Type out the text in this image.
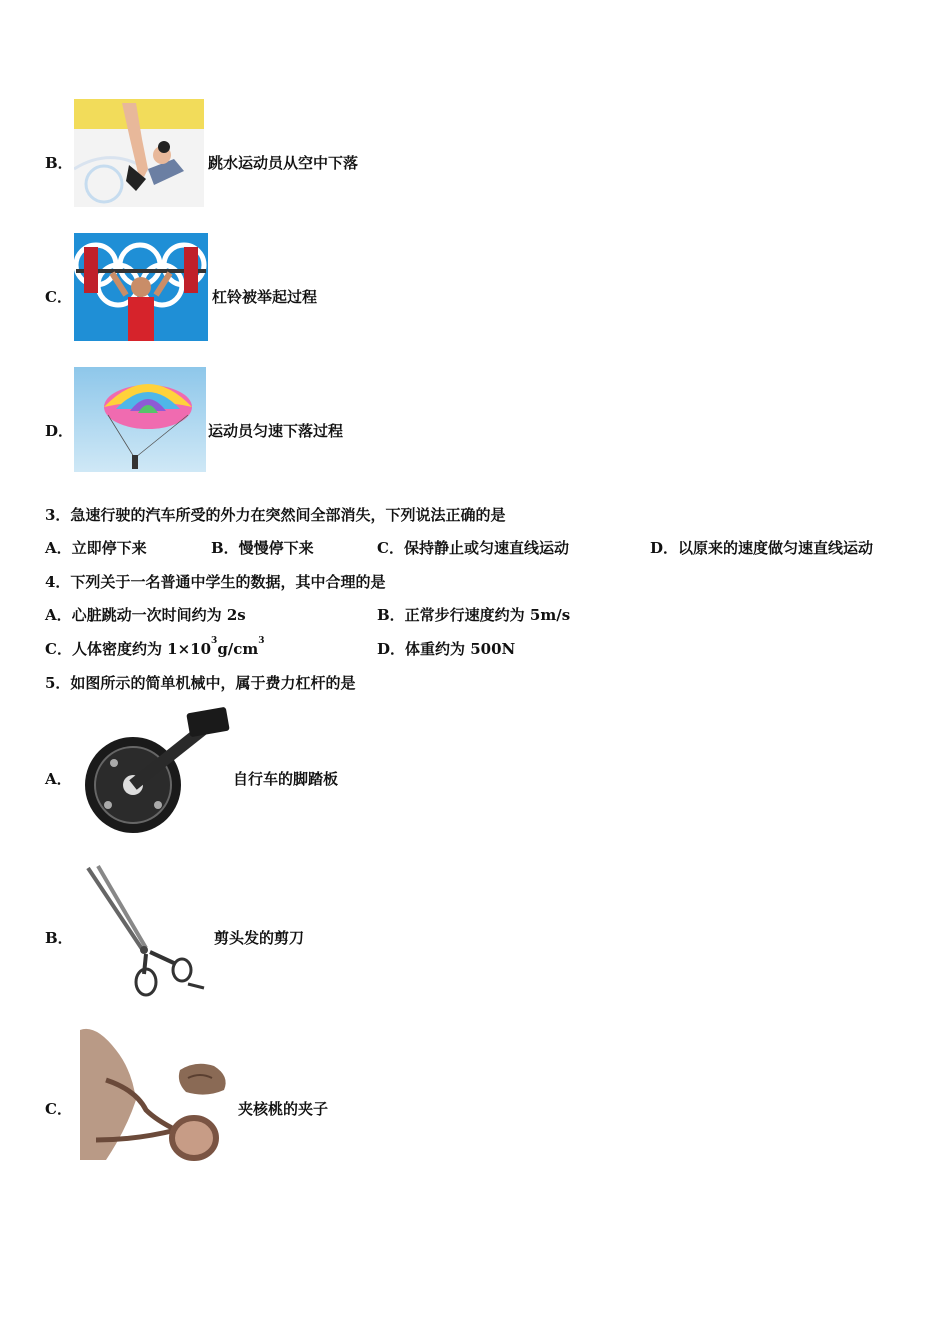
B．	跳水运动员从空中下落
C．	杠铃被举起过程
D．	运动员匀速下落过程
3．急速行驶的汽车所受的外力在突然间全部消失，下列说法正确的是
A．立即停下来	B．慢慢停下来	C．保持静止或匀速直线运动	D．以原来的速度做匀速直线运动
4．下列关于一名普通中学生的数据，其中合理的是
A．心脏跳动一次时间约为 2s	B．正常步行速度约为 5m/s
C．人体密度约为 $1\times 10^3g/cm^3$	D．体重约为 500N
5．如图所示的简单机械中，属于费力杠杆的是
A．	自行车的脚踏板
B．	剪头发的剪刀
C．	夹核桃的夹子
